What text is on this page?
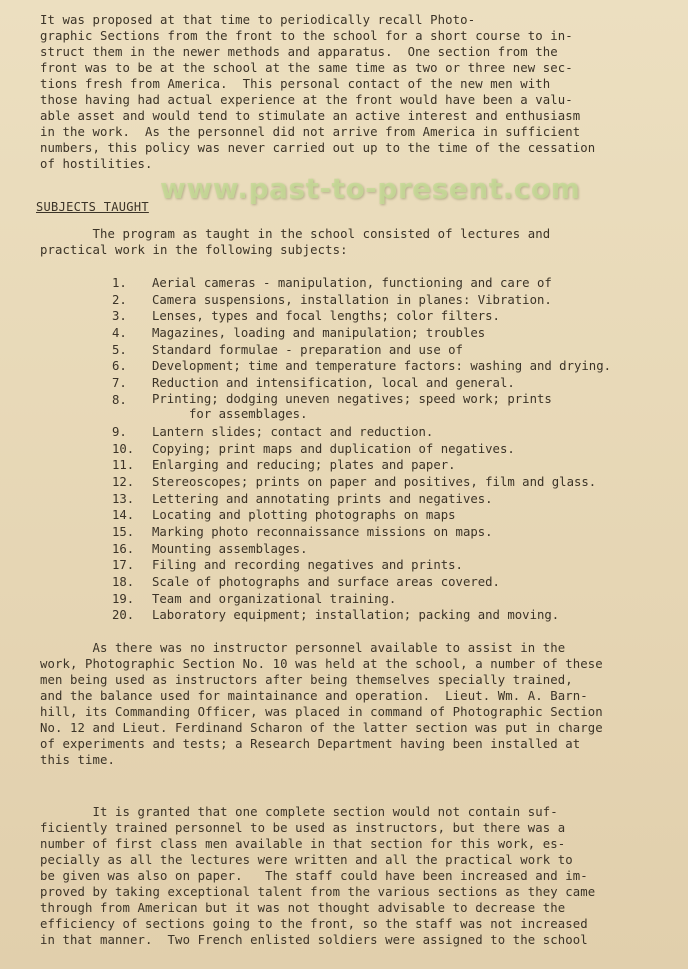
It was proposed at that time to periodically recall Photo-
graphic Sections from the front to the school for a short course to in-
struct them in the newer methods and apparatus.  One section from the
front was to be at the school at the same time as two or three new sec-
tions fresh from America.  This personal contact of the new men with
those having had actual experience at the front would have been a valu-
able asset and would tend to stimulate an active interest and enthusiasm
in the work.  As the personnel did not arrive from America in sufficient
numbers, this policy was never carried out up to the time of the cessation
of hostilities.
www.past-to-present.com
SUBJECTS TAUGHT
The program as taught in the school consisted of lectures and
practical work in the following subjects:
1.	Aerial cameras - manipulation, functioning and care of
2.	Camera suspensions, installation in planes: Vibration.
3.	Lenses, types and focal lengths; color filters.
4.	Magazines, loading and manipulation; troubles
5.	Standard formulae - preparation and use of
6.	Development; time and temperature factors: washing and drying.
7.	Reduction and intensification, local and general.
8.	Printing; dodging uneven negatives; speed work; prints
for assemblages.
9.	Lantern slides; contact and reduction.
10.	Copying; print maps and duplication of negatives.
11.	Enlarging and reducing; plates and paper.
12.	Stereoscopes; prints on paper and positives, film and glass.
13.	Lettering and annotating prints and negatives.
14.	Locating and plotting photographs on maps
15.	Marking photo reconnaissance missions on maps.
16.	Mounting assemblages.
17.	Filing and recording negatives and prints.
18.	Scale of photographs and surface areas covered.
19.	Team and organizational training.
20.	Laboratory equipment; installation; packing and moving.
As there was no instructor personnel available to assist in the
work, Photographic Section No. 10 was held at the school, a number of these
men being used as instructors after being themselves specially trained,
and the balance used for maintainance and operation.  Lieut. Wm. A. Barn-
hill, its Commanding Officer, was placed in command of Photographic Section
No. 12 and Lieut. Ferdinand Scharon of the latter section was put in charge
of experiments and tests; a Research Department having been installed at
this time.
It is granted that one complete section would not contain suf-
ficiently trained personnel to be used as instructors, but there was a
number of first class men available in that section for this work, es-
pecially as all the lectures were written and all the practical work to
be given was also on paper.   The staff could have been increased and im-
proved by taking exceptional talent from the various sections as they came
through from American but it was not thought advisable to decrease the
efficiency of sections going to the front, so the staff was not increased
in that manner.  Two French enlisted soldiers were assigned to the school
